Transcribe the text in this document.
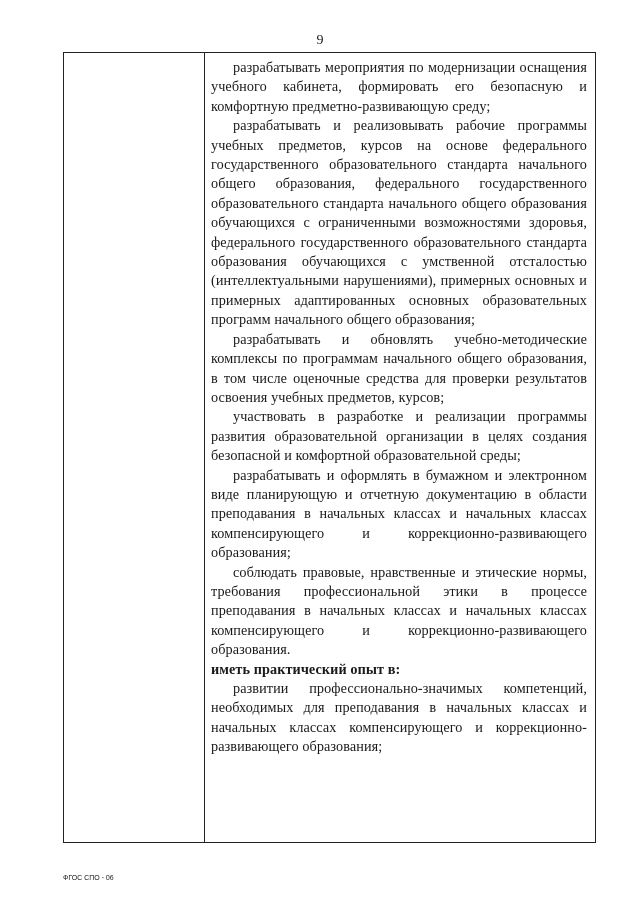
9

разрабатывать мероприятия по модернизации оснащения учебного кабинета, формировать его безопасную и комфортную предметно-развивающую среду;

разрабатывать и реализовывать рабочие программы учебных предметов, курсов на основе федерального государственного образовательного стандарта начального общего образования, федерального государственного образовательного стандарта начального общего образования обучающихся с ограниченными возможностями здоровья, федерального государственного образовательного стандарта образования обучающихся с умственной отсталостью (интеллектуальными нарушениями), примерных основных и примерных адаптированных основных образовательных программ начального общего образования;

разрабатывать и обновлять учебно-методические комплексы по программам начального общего образования, в том числе оценочные средства для проверки результатов освоения учебных предметов, курсов;

участвовать в разработке и реализации программы развития образовательной организации в целях создания безопасной и комфортной образовательной среды;

разрабатывать и оформлять в бумажном и электронном виде планирующую и отчетную документацию в области преподавания в начальных классах и начальных классах компенсирующего и коррекционно-развивающего образования;

соблюдать правовые, нравственные и этические нормы, требования профессиональной этики в процессе преподавания в начальных классах и начальных классах компенсирующего и коррекционно-развивающего образования.

иметь практический опыт в:

развитии профессионально-значимых компетенций, необходимых для преподавания в начальных классах и начальных классах компенсирующего и коррекционно-развивающего образования;

ФГОС СПО - 06
